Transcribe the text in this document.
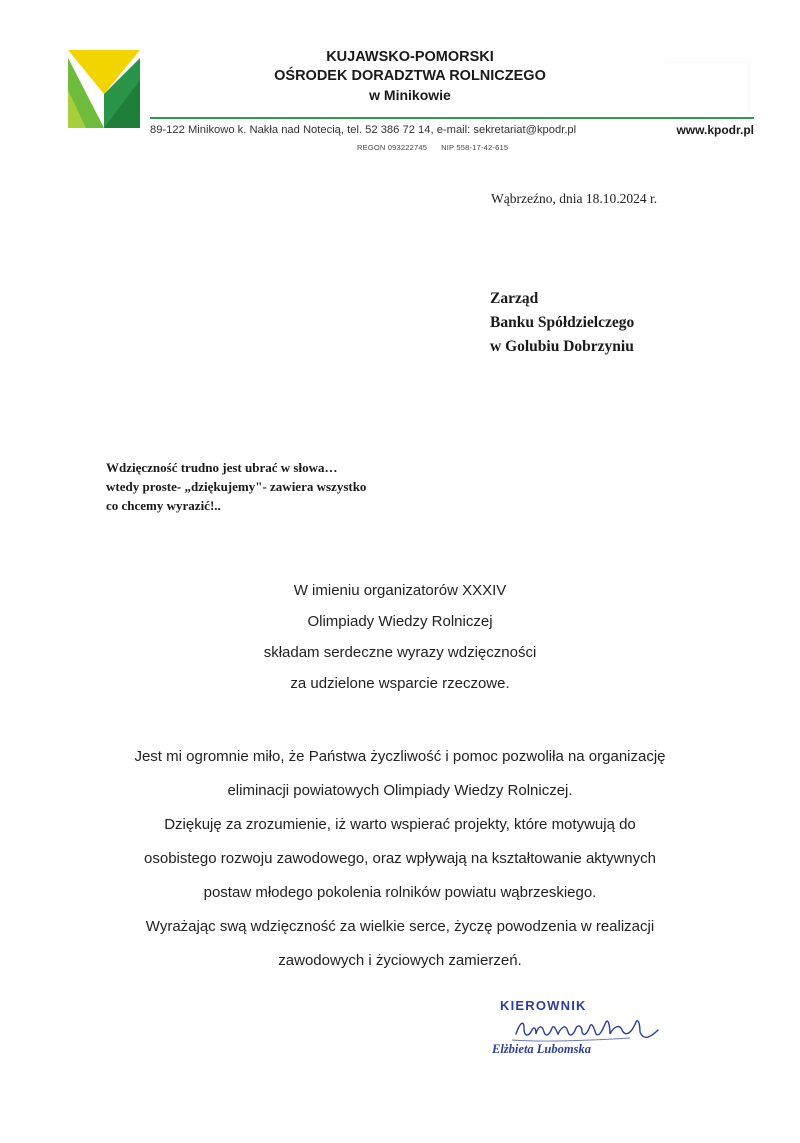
KUJAWSKO-POMORSKI
OŚRODEK DORADZTWA ROLNICZEGO
w Minikowie
89-122 Minikowo k. Nakła nad Notecią, tel. 52 386 72 14, e-mail: sekretariat@kpodr.pl	www.kpodr.pl
REGON 093222745 NIP 558-17-42-615
Wąbrzeźno, dnia 18.10.2024 r.
Zarząd
Banku Spółdzielczego
w Golubiu Dobrzyniu
Wdzięczność trudno jest ubrać w słowa…
wtedy proste- „dziękujemy"- zawiera wszystko
co chcemy wyrazić!..
W imieniu organizatorów XXXIV
Olimpiady Wiedzy Rolniczej
składam serdeczne wyrazy wdzięczności
za udzielone wsparcie rzeczowe.
Jest mi ogromnie miło, że Państwa życzliwość i pomoc pozwoliła na organizację
eliminacji powiatowych Olimpiady Wiedzy Rolniczej.
Dziękuję za zrozumienie, iż warto wspierać projekty, które motywują do
osobistego rozwoju zawodowego, oraz wpływają na kształtowanie aktywnych
postaw młodego pokolenia rolników powiatu wąbrzeskiego.
Wyrażając swą wdzięczność za wielkie serce, życzę powodzenia w realizacji
zawodowych i życiowych zamierzeń.
KIEROWNIK
Elżbieta Lubomska
